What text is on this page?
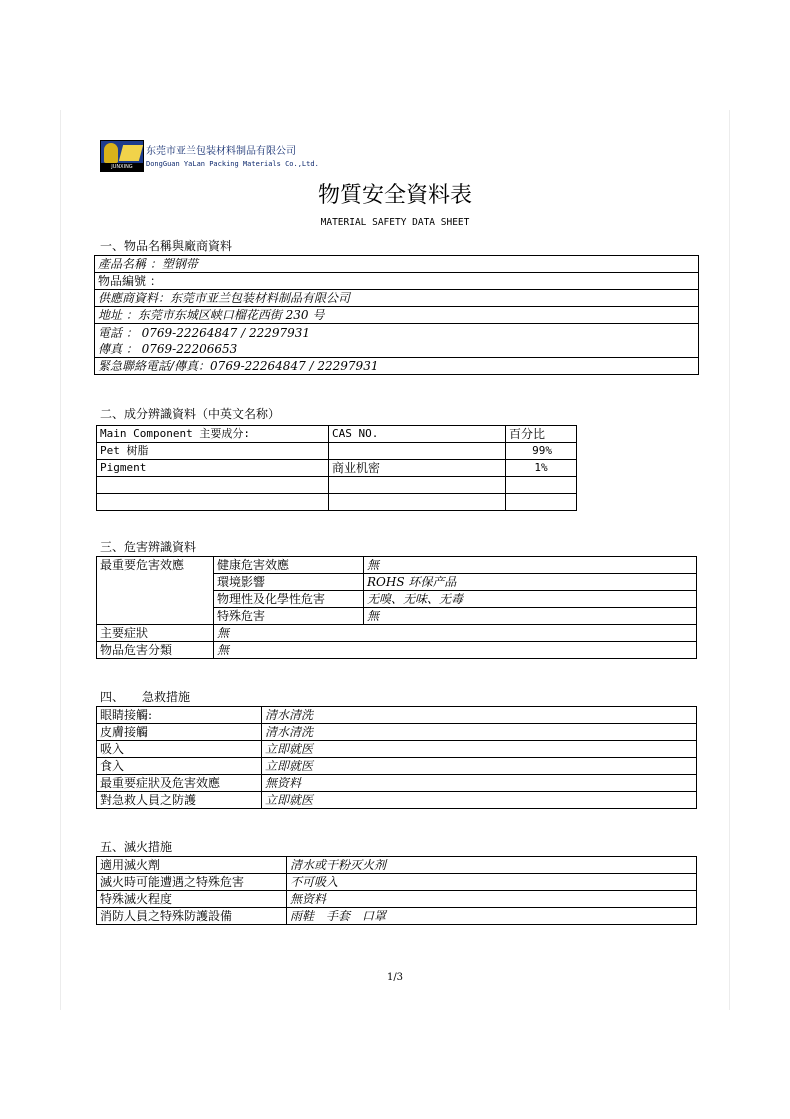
JUNXING
东莞市亚兰包装材料制品有限公司
DongGuan YaLan Packing Materials Co.,Ltd.
物質安全資料表
MATERIAL SAFETY DATA SHEET
一、物品名稱與廠商資料
產品名稱 ：塑钢带
物品編號 ：
供應商資料：东莞市亚兰包装材料制品有限公司
地址 ：东莞市东城区峡口榴花西街 230 号
電話 ： 0769-22264847 / 22297931
傳真 ： 0769-22206653
緊急聯絡電話/傳真：0769-22264847 / 22297931
二、成分辨識資料（中英文名称）
Main Component 主要成分:	CAS NO.	百分比
Pet 树脂		99%
Pigment	商业机密	1%

三、危害辨識資料
最重要危害效應	健康危害效應	無
	環境影響	ROHS 环保产品
	物理性及化學性危害	无嗅、无味、无毒
	特殊危害	無
主要症狀	無	
物品危害分類	無	
四、　　急救措施
眼睛接觸:	清水清洗
皮膚接觸	清水清洗
吸入	立即就医
食入	立即就医
最重要症狀及危害效應	無资料
對急救人員之防護	立即就医
五、滅火措施
適用滅火劑	清水或干粉灭火剂
滅火時可能遭遇之特殊危害	不可吸入
特殊滅火程度	無资料
消防人員之特殊防護設備	雨鞋　手套　口罩
1/3
